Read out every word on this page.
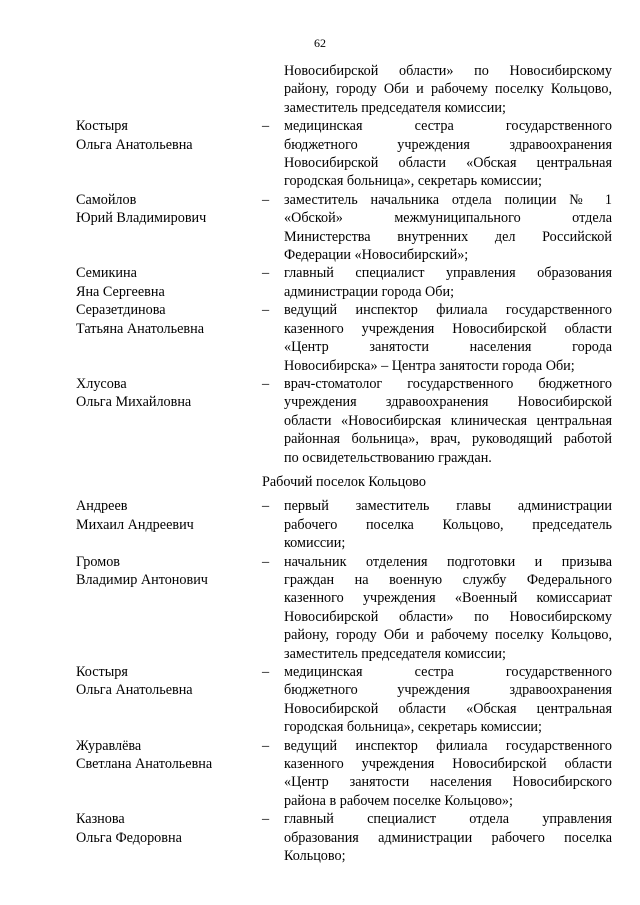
62
Новосибирской области» по Новосибирскому
району, городу Оби и рабочему поселку Кольцово,
заместитель председателя комиссии;
Костыря
Ольга Анатольевна
–	медицинская сестра государственного
бюджетного учреждения здравоохранения
Новосибирской области «Обская центральная
городская больница», секретарь комиссии;
Самойлов
Юрий Владимирович
–	заместитель начальника отдела полиции № 1
«Обской» межмуниципального отдела
Министерства внутренних дел Российской
Федерации «Новосибирский»;
Семикина
Яна Сергеевна
–	главный специалист управления образования
администрации города Оби;
Серазетдинова
Татьяна Анатольевна
–	ведущий инспектор филиала государственного
казенного учреждения Новосибирской области
«Центр занятости населения города
Новосибирска» – Центра занятости города Оби;
Хлусова
Ольга Михайловна
–	врач-стоматолог государственного бюджетного
учреждения здравоохранения Новосибирской
области «Новосибирская клиническая центральная
районная больница», врач, руководящий работой
по освидетельствованию граждан.
Рабочий поселок Кольцово
Андреев
Михаил Андреевич
–	первый заместитель главы администрации
рабочего поселка Кольцово, председатель
комиссии;
Громов
Владимир Антонович
–	начальник отделения подготовки и призыва
граждан на военную службу Федерального
казенного учреждения «Военный комиссариат
Новосибирской области» по Новосибирскому
району, городу Оби и рабочему поселку Кольцово,
заместитель председателя комиссии;
Костыря
Ольга Анатольевна
–	медицинская сестра государственного
бюджетного учреждения здравоохранения
Новосибирской области «Обская центральная
городская больница», секретарь комиссии;
Журавлёва
Светлана Анатольевна
–	ведущий инспектор филиала государственного
казенного учреждения Новосибирской области
«Центр занятости населения Новосибирского
района в рабочем поселке Кольцово»;
Казнова
Ольга Федоровна
–	главный специалист отдела управления
образования администрации рабочего поселка
Кольцово;
